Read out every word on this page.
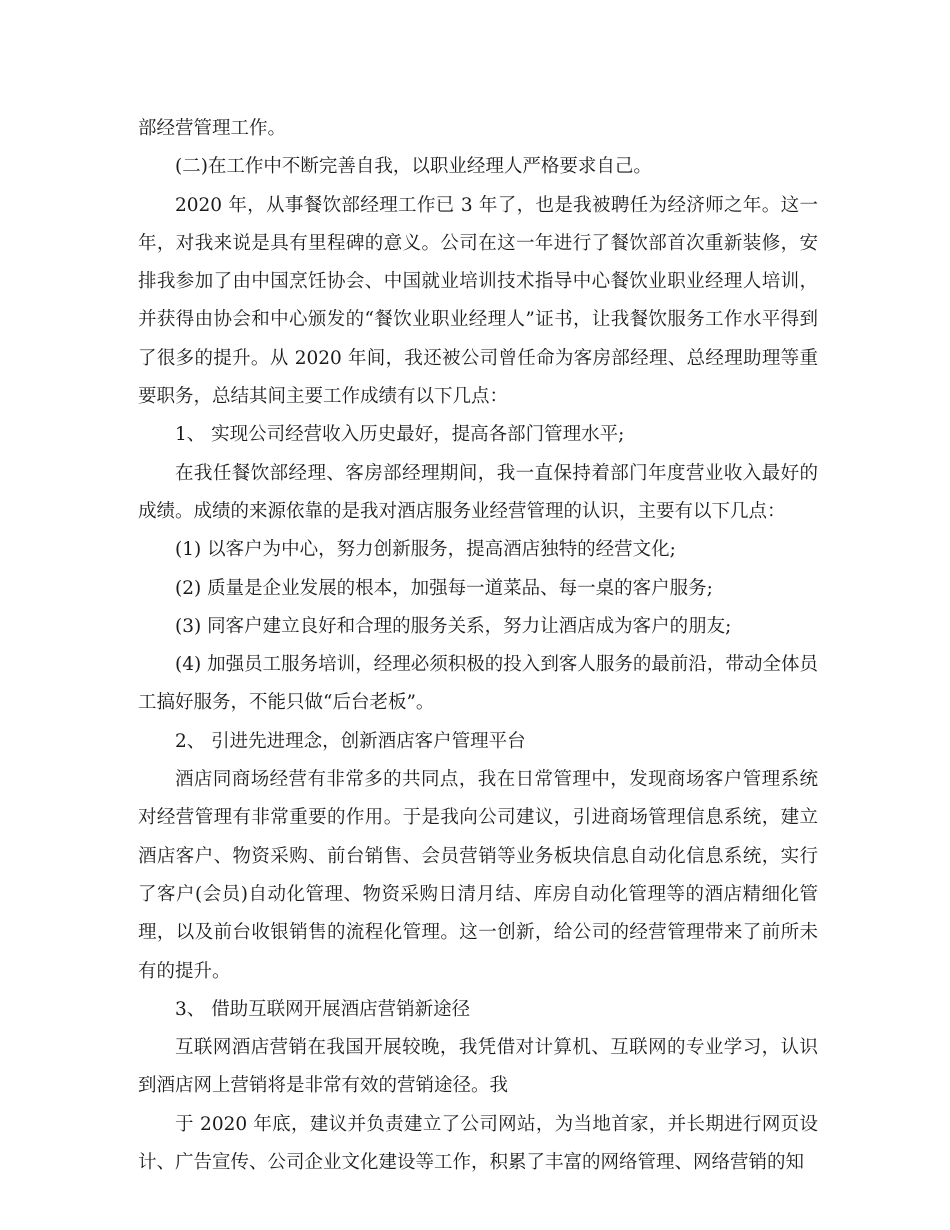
部经营管理工作。

(二)在工作中不断完善自我，以职业经理人严格要求自己。

2020 年，从事餐饮部经理工作已 3 年了，也是我被聘任为经济师之年。这一年，对我来说是具有里程碑的意义。公司在这一年进行了餐饮部首次重新装修，安排我参加了由中国烹饪协会、中国就业培训技术指导中心餐饮业职业经理人培训，并获得由协会和中心颁发的“餐饮业职业经理人”证书，让我餐饮服务工作水平得到了很多的提升。从 2020 年间，我还被公司曾任命为客房部经理、总经理助理等重要职务，总结其间主要工作成绩有以下几点：

1、 实现公司经营收入历史最好，提高各部门管理水平;

在我任餐饮部经理、客房部经理期间，我一直保持着部门年度营业收入最好的成绩。成绩的来源依靠的是我对酒店服务业经营管理的认识，主要有以下几点：

(1) 以客户为中心，努力创新服务，提高酒店独特的经营文化;

(2) 质量是企业发展的根本，加强每一道菜品、每一桌的客户服务;

(3) 同客户建立良好和合理的服务关系，努力让酒店成为客户的朋友;

(4) 加强员工服务培训，经理必须积极的投入到客人服务的最前沿，带动全体员工搞好服务，不能只做“后台老板”。

2、 引进先进理念，创新酒店客户管理平台

酒店同商场经营有非常多的共同点，我在日常管理中，发现商场客户管理系统对经营管理有非常重要的作用。于是我向公司建议，引进商场管理信息系统，建立酒店客户、物资采购、前台销售、会员营销等业务板块信息自动化信息系统，实行了客户(会员)自动化管理、物资采购日清月结、库房自动化管理等的酒店精细化管理，以及前台收银销售的流程化管理。这一创新，给公司的经营管理带来了前所未有的提升。

3、 借助互联网开展酒店营销新途径

互联网酒店营销在我国开展较晚，我凭借对计算机、互联网的专业学习，认识到酒店网上营销将是非常有效的营销途径。我

于 2020 年底，建议并负责建立了公司网站，为当地首家，并长期进行网页设计、广告宣传、公司企业文化建设等工作，积累了丰富的网络管理、网络营销的知
